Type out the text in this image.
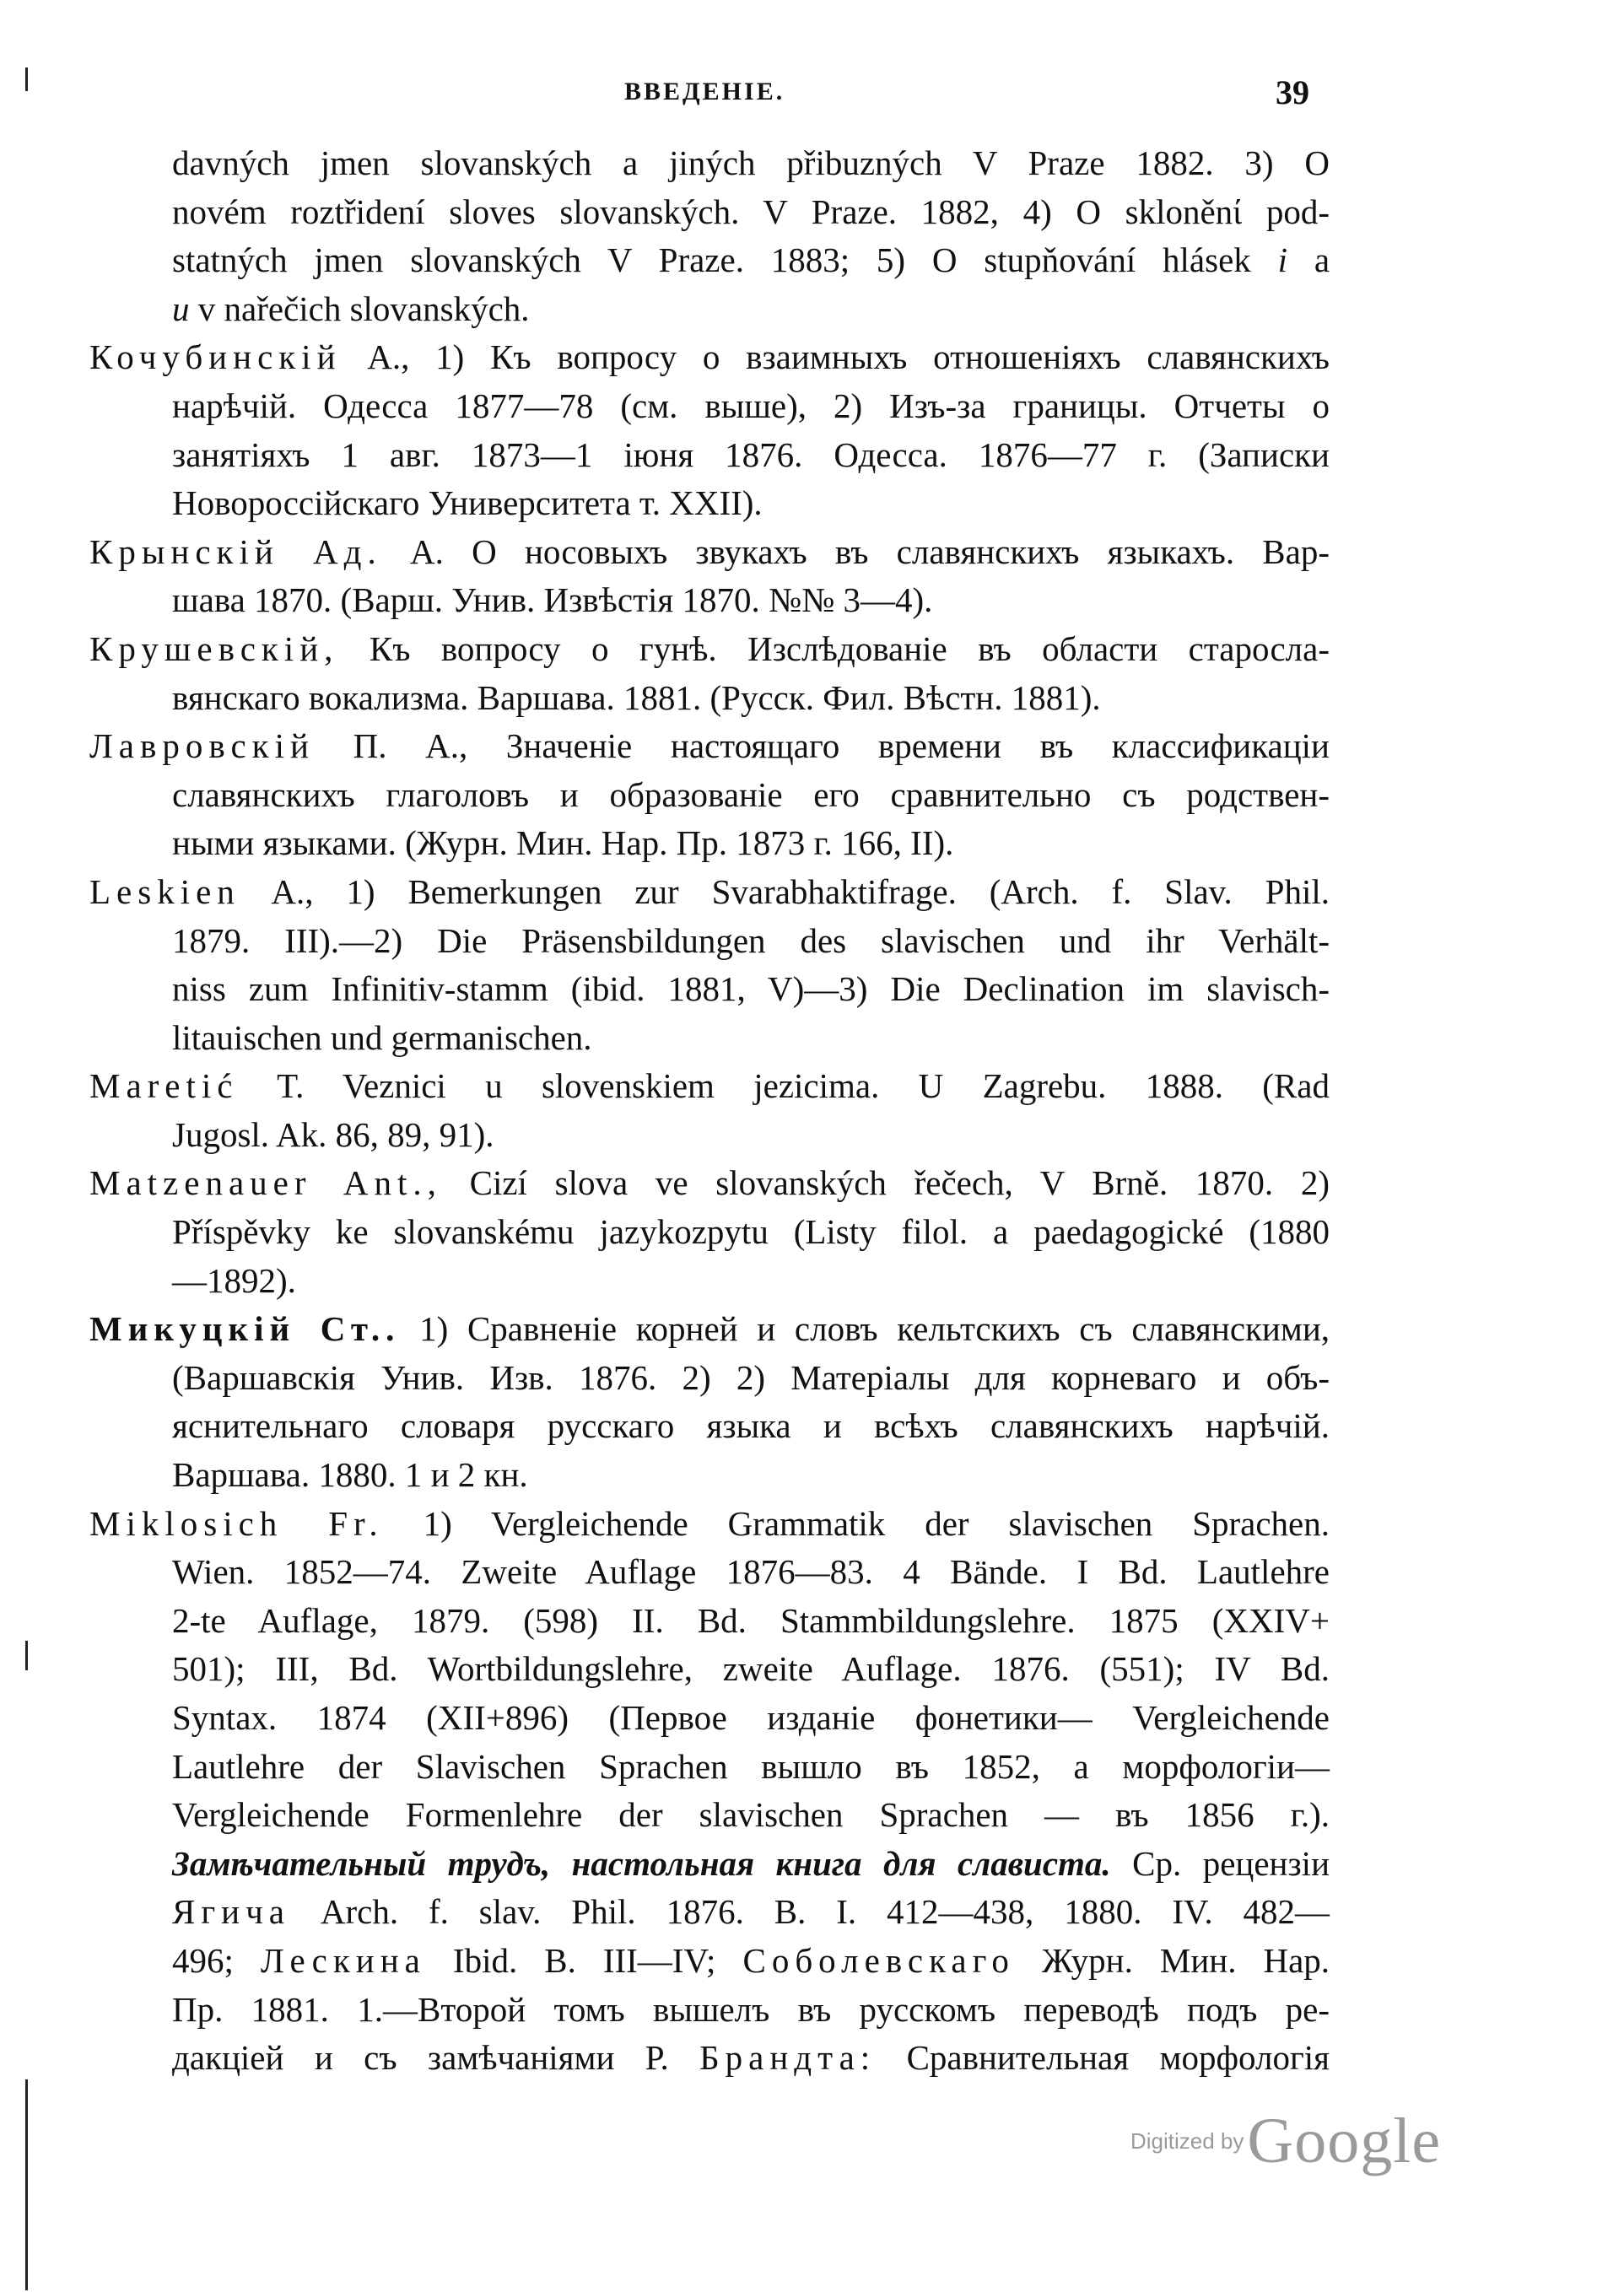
ВВЕДЕНІЕ.	39
davných jmen slovanských a jiných přibuzných V Praze 1882. 3) O
novém roztřidení sloves slovanských. V Praze. 1882, 4) O skloněnί pod-
statných jmen slovanských V Praze. 1883; 5) O stupňování hlásek i a
u v nařečich slovanských.
Кочубинскій А., 1) Къ вопросу о взаимныхъ отношеніяхъ славянскихъ
нарѣчій. Одесса 1877—78 (см. выше), 2) Изъ-за границы. Отчеты о
занятіяхъ 1 авг. 1873—1 іюня 1876. Одесса. 1876—77 г. (Записки
Новороссійскаго Университета т. XXII).
Крынскій Ад. А. О носовыхъ звукахъ въ славянскихъ языкахъ. Вар-
шава 1870. (Варш. Унив. Извѣстія 1870. №№ 3—4).
Крушевскій, Къ вопросу о гунѣ. Изслѣдованіе въ области старосла-
вянскаго вокализма. Варшава. 1881. (Русск. Фил. Вѣстн. 1881).
Лавровскій П. А., Значеніе настоящаго времени въ классификаціи
славянскихъ глаголовъ и образованіе его сравнительно съ родствен-
ными языками. (Журн. Мин. Нар. Пр. 1873 г. 166, II).
Leskien A., 1) Bemerkungen zur Svarabhaktifrage. (Arch. f. Slav. Phil.
1879. III).—2) Die Präsensbildungen des slavischen und ihr Verhält-
niss zum Infinitiv-stamm (ibid. 1881, V)—3) Die Declination im slavisch-
litauischen und germanischen.
Maretić T. Veznici u slovenskiem jezicima. U Zagrebu. 1888. (Rad
Jugosl. Ak. 86, 89, 91).
Matzenauer Ant., Cizí slova ve slovanských řečech, V Brně. 1870. 2)
Příspěvky ke slovanskému jazykozpytu (Listy filol. a paedagogické (1880
—1892).
Микуцкій Ст.. 1) Сравненіе корней и словъ кельтскихъ съ славянскими,
(Варшавскія Унив. Изв. 1876. 2) 2) Матеріалы для корневаго и объ-
яснительнаго словаря русскаго языка и всѣхъ славянскихъ нарѣчій.
Варшава. 1880. 1 и 2 кн.
Miklosich Fr. 1) Vergleichende Grammatik der slavischen Sprachen.
Wien. 1852—74. Zweite Auflage 1876—83. 4 Bände. I Bd. Lautlehre
2-te Auflage, 1879. (598) II. Bd. Stammbildungslehre. 1875 (XXIV+
501); III, Bd. Wortbildungslehre, zweite Auflage. 1876. (551); IV Bd.
Syntax. 1874 (XII+896) (Первое изданіе фонетики— Vergleichende
Lautlehre der Slavischen Sprachen вышло въ 1852, а морфологіи—
Vergleichende Formenlehre der slavischen Sprachen — въ 1856 г.).
Замѣчательный трудъ, настольная книга для слависта. Ср. рецензіи
Ягича Arch. f. slav. Phil. 1876. B. I. 412—438, 1880. IV. 482—
496; Лескина Ibid. B. III—IV; Соболевскаго Журн. Мин. Нар.
Пр. 1881. 1.—Второй томъ вышелъ въ русскомъ переводѣ подъ ре-
дакціей и съ замѣчаніями Р. Брандта: Сравнительная морфологія
Digitized by Google
